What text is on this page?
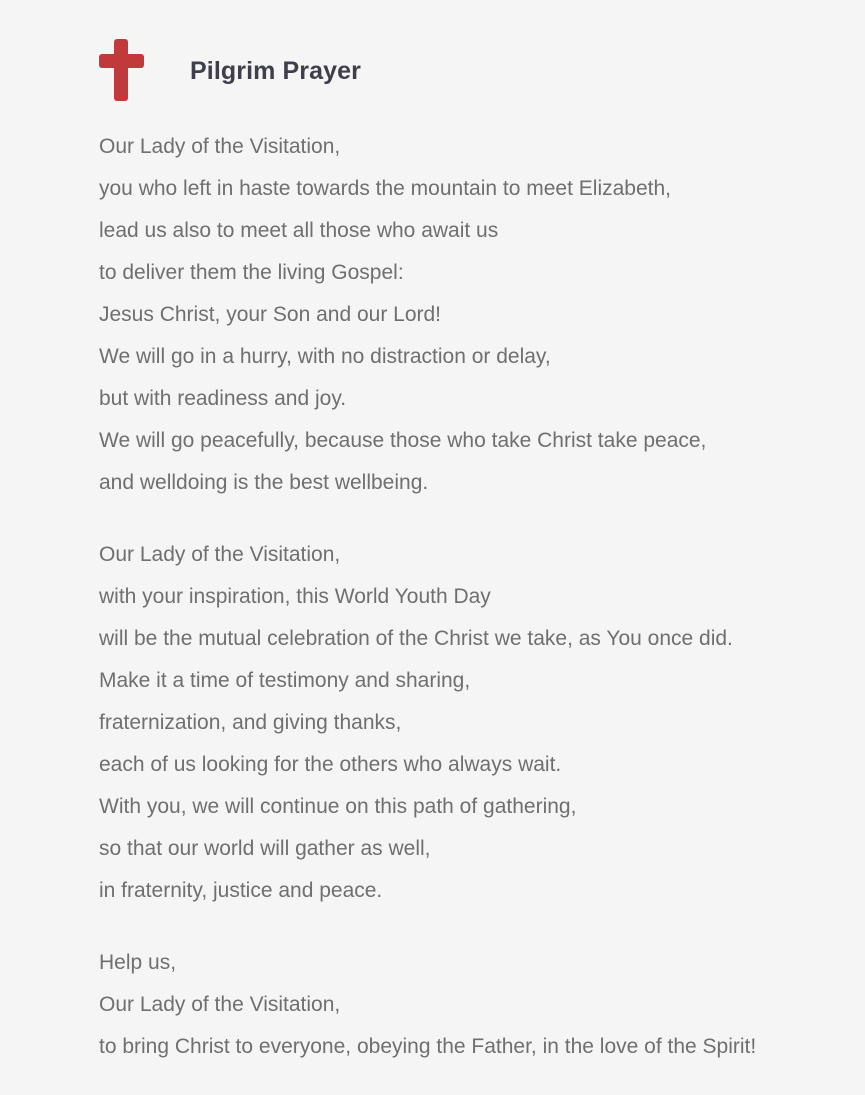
Pilgrim Prayer
Our Lady of the Visitation,
you who left in haste towards the mountain to meet Elizabeth,
lead us also to meet all those who await us
to deliver them the living Gospel:
Jesus Christ, your Son and our Lord!
We will go in a hurry, with no distraction or delay,
but with readiness and joy.
We will go peacefully, because those who take Christ take peace,
and welldoing is the best wellbeing.
Our Lady of the Visitation,
with your inspiration, this World Youth Day
will be the mutual celebration of the Christ we take, as You once did.
Make it a time of testimony and sharing,
fraternization, and giving thanks,
each of us looking for the others who always wait.
With you, we will continue on this path of gathering,
so that our world will gather as well,
in fraternity, justice and peace.
Help us,
Our Lady of the Visitation,
to bring Christ to everyone, obeying the Father, in the love of the Spirit!
